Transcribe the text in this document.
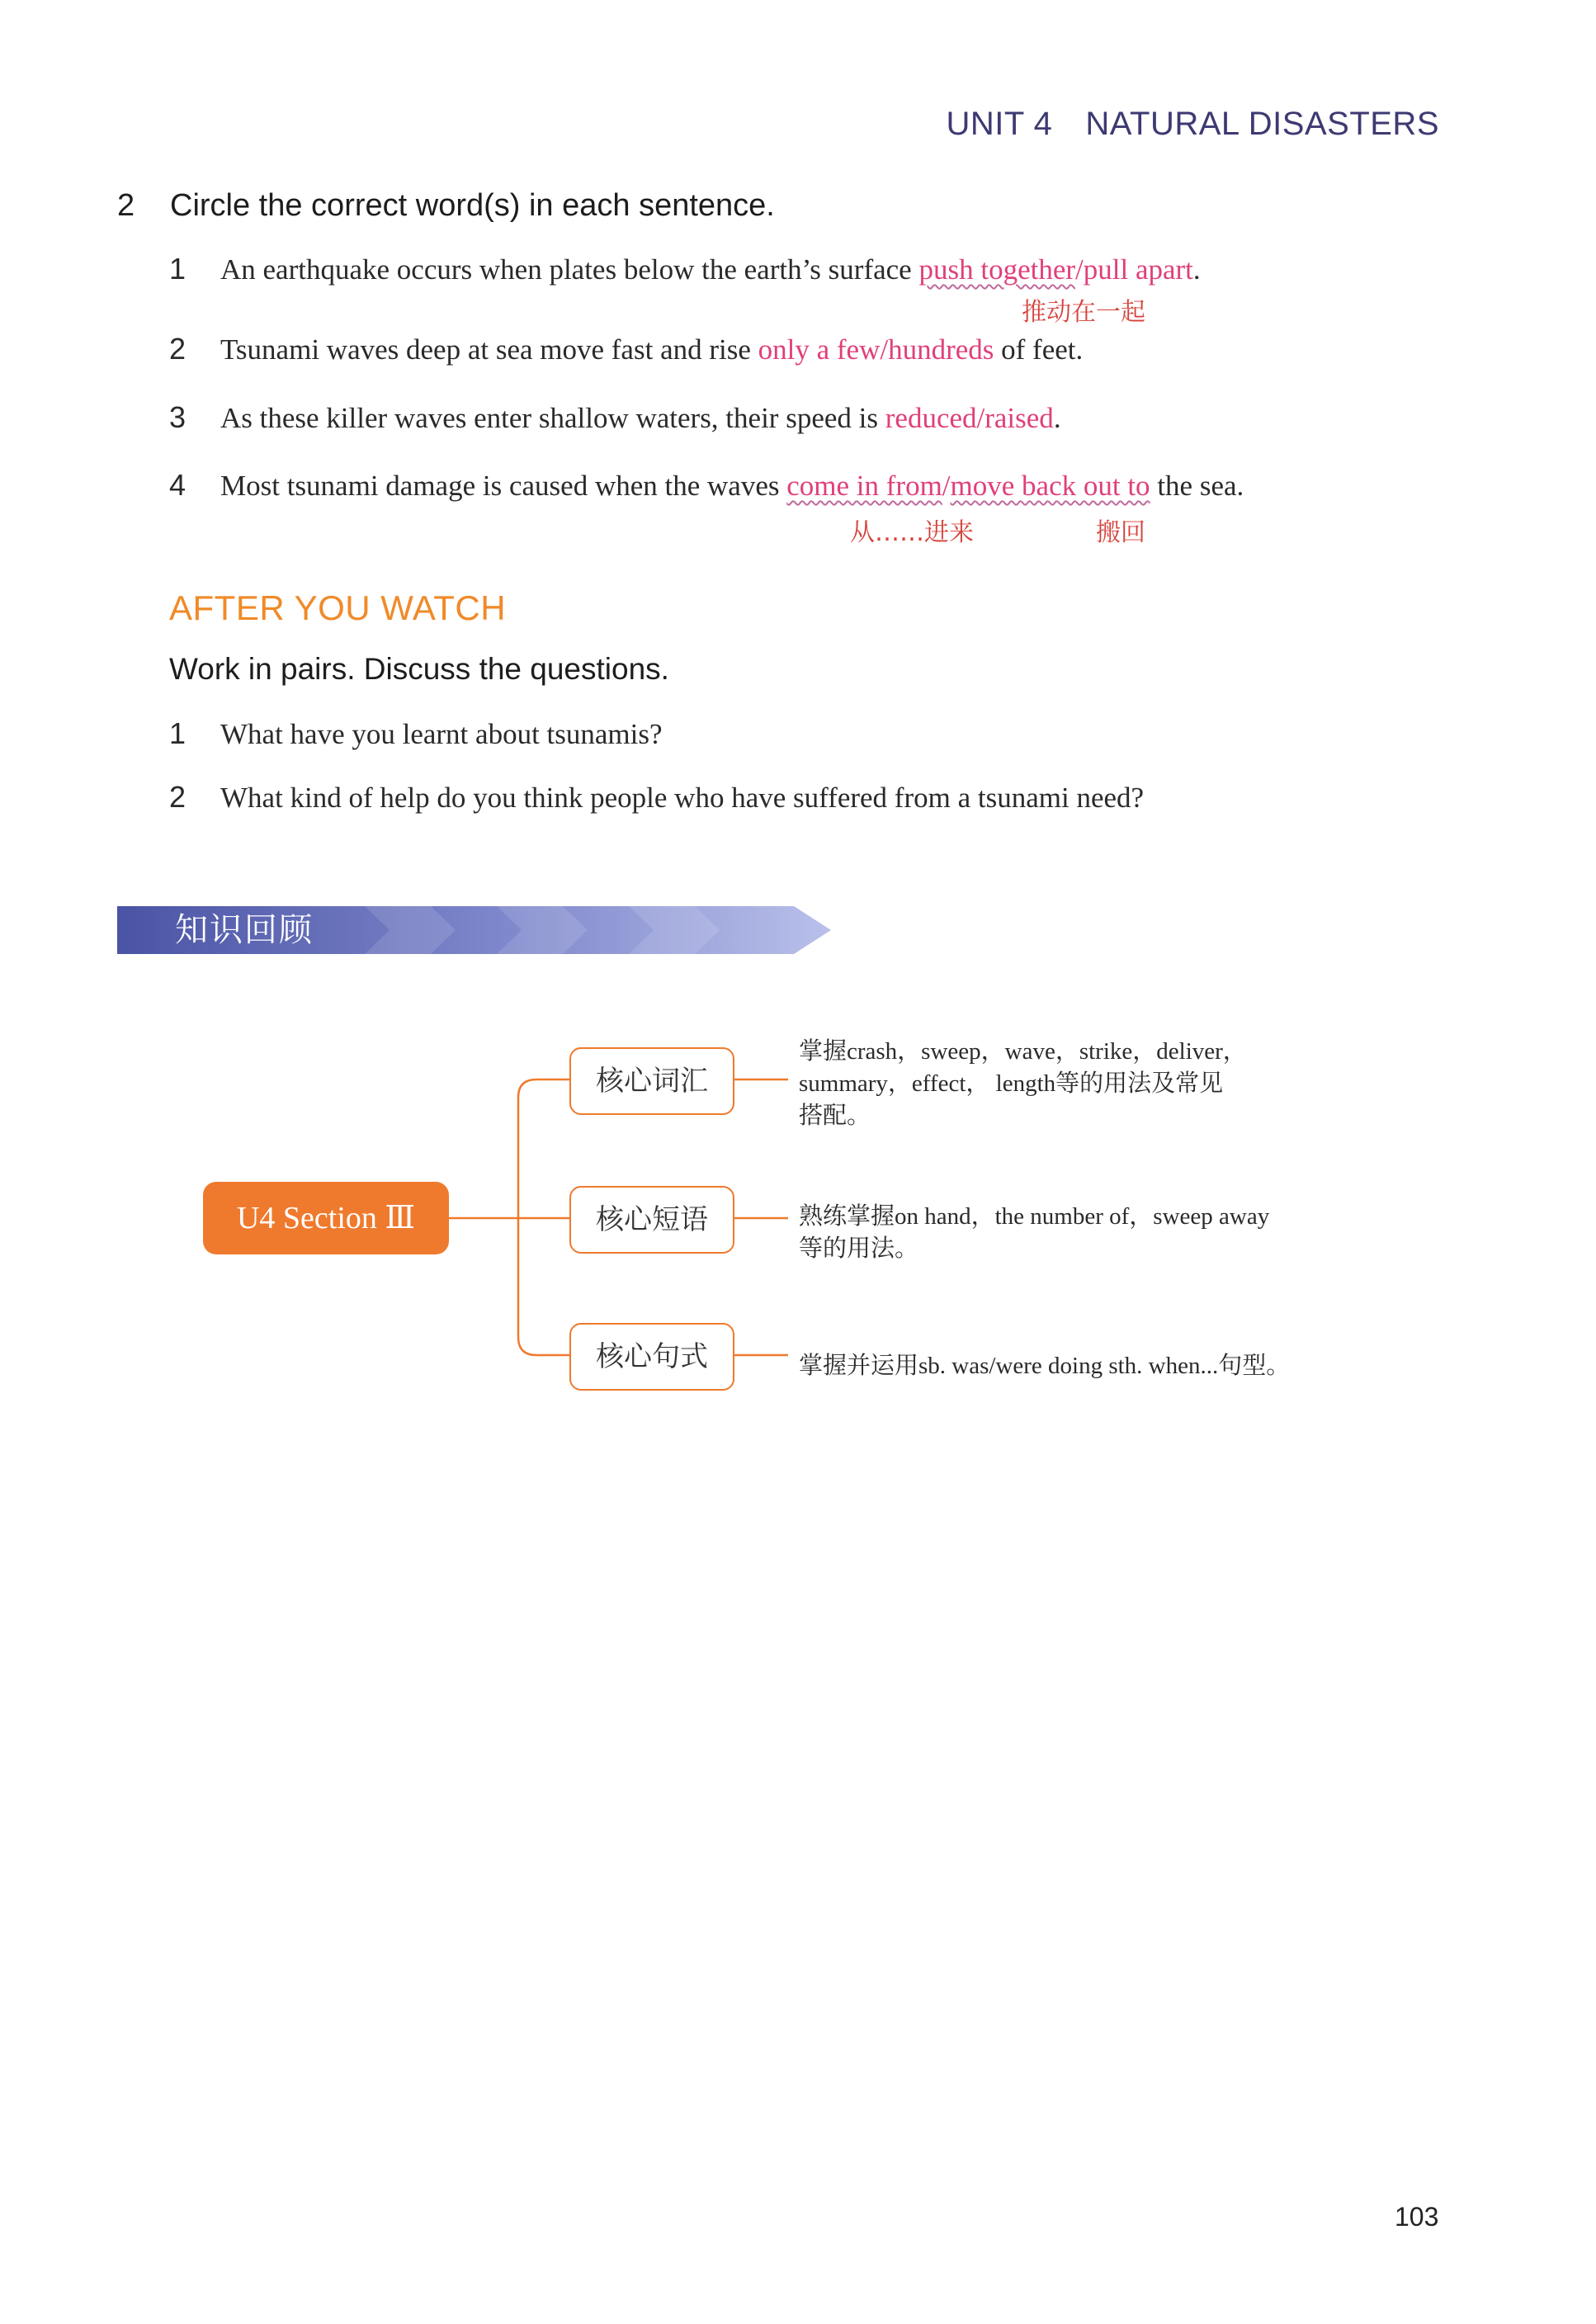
UNIT 4 NATURAL DISASTERS
2 Circle the correct word(s) in each sentence.
1 An earthquake occurs when plates below the earth’s surface push together/pull apart.
推动在一起
2 Tsunami waves deep at sea move fast and rise only a few/hundreds of feet.
3 As these killer waves enter shallow waters, their speed is reduced/raised.
4 Most tsunami damage is caused when the waves come in from/move back out to the sea.
从……进来	搬回
AFTER YOU WATCH
Work in pairs. Discuss the questions.
1 What have you learnt about tsunamis?
2 What kind of help do you think people who have suffered from a tsunami need?
知识回顾
U4 Section Ⅲ
核心词汇
核心短语
核心句式
掌握crash，sweep，wave，strike，deliver，
summary，effect， length等的用法及常见
搭配。
熟练掌握on hand，the number of，sweep away
等的用法。
掌握并运用sb. was/were doing sth. when...句型。
103
